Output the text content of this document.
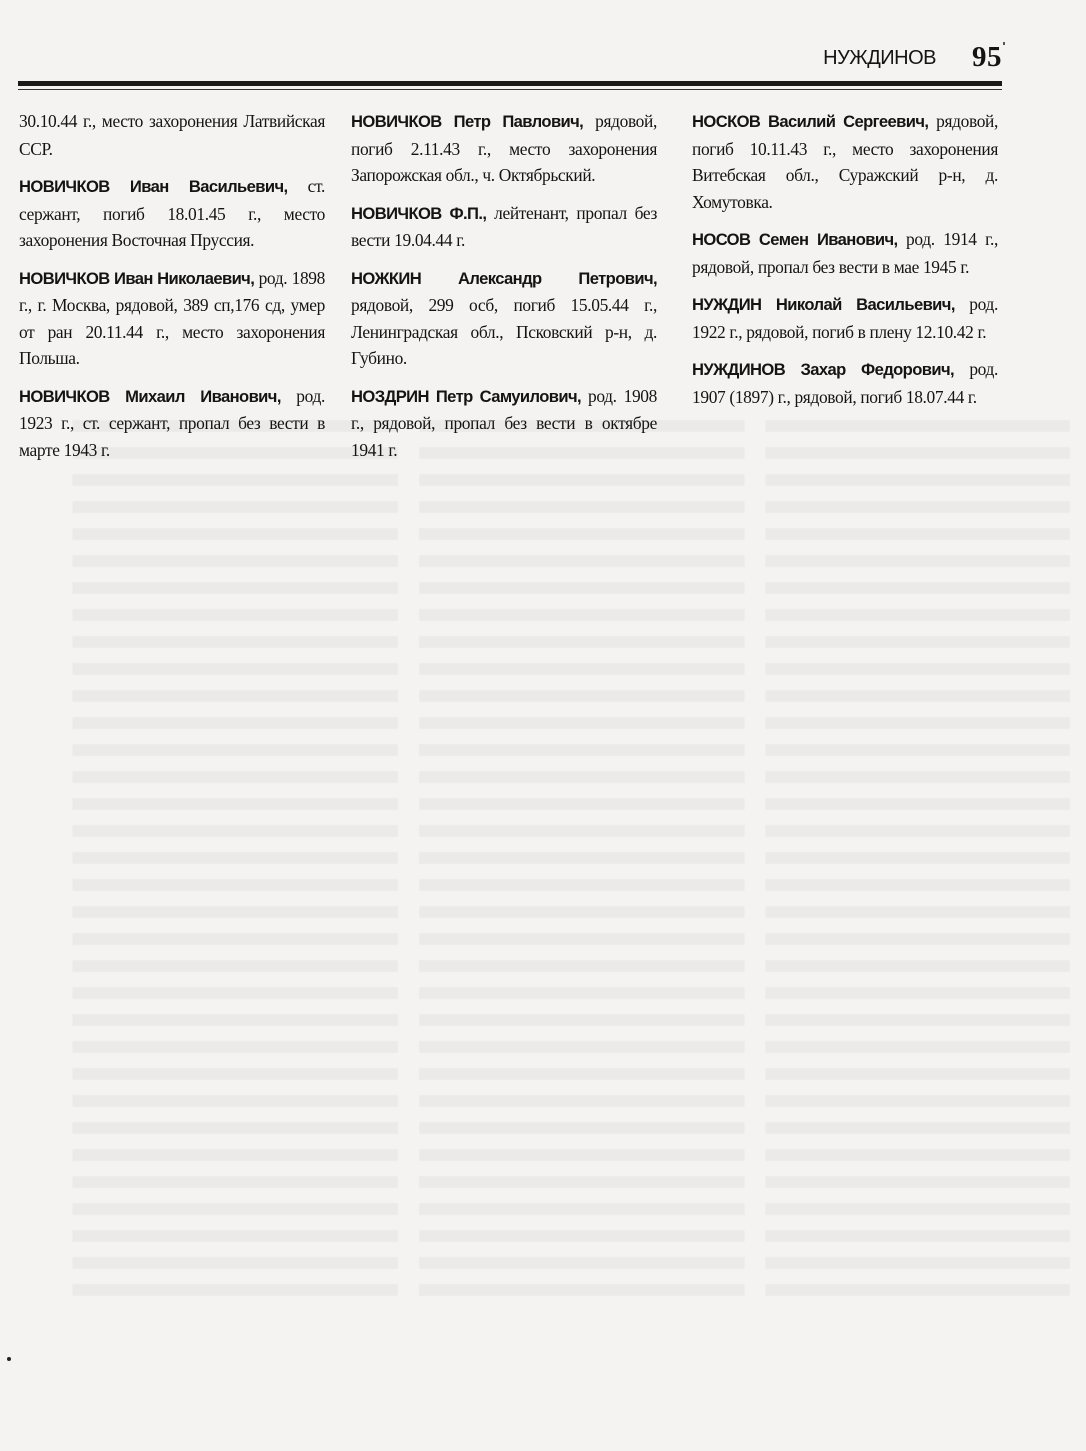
НУЖДИНОВ 95

30.10.44 г., место захоронения Латвийская ССР.

НОВИЧКОВ Иван Васильевич, ст. сержант, погиб 18.01.45 г., место захоронения Восточная Пруссия.

НОВИЧКОВ Иван Николаевич, род. 1898 г., г. Москва, рядовой, 389 сп,176 сд, умер от ран 20.11.44 г., место захоронения Польша.

НОВИЧКОВ Михаил Иванович, род. 1923 г., ст. сержант, пропал без вести в марте 1943 г.

НОВИЧКОВ Петр Павлович, рядовой, погиб 2.11.43 г., место захоронения Запорожская обл., ч. Октябрьский.

НОВИЧКОВ Ф.П., лейтенант, пропал без вести 19.04.44 г.

НОЖКИН Александр Петрович, рядовой, 299 осб, погиб 15.05.44 г., Ленинградская обл., Псковский р-н, д. Губино.

НОЗДРИН Петр Самуилович, род. 1908 г., рядовой, пропал без вести в октябре 1941 г.

НОСКОВ Василий Сергеевич, рядовой, погиб 10.11.43 г., место захоронения Витебская обл., Суражский р-н, д. Хомутовка.

НОСОВ Семен Иванович, род. 1914 г., рядовой, пропал без вести в мае 1945 г.

НУЖДИН Николай Васильевич, род. 1922 г., рядовой, погиб в плену 12.10.42 г.

НУЖДИНОВ Захар Федорович, род. 1907 (1897) г., рядовой, погиб 18.07.44 г.
